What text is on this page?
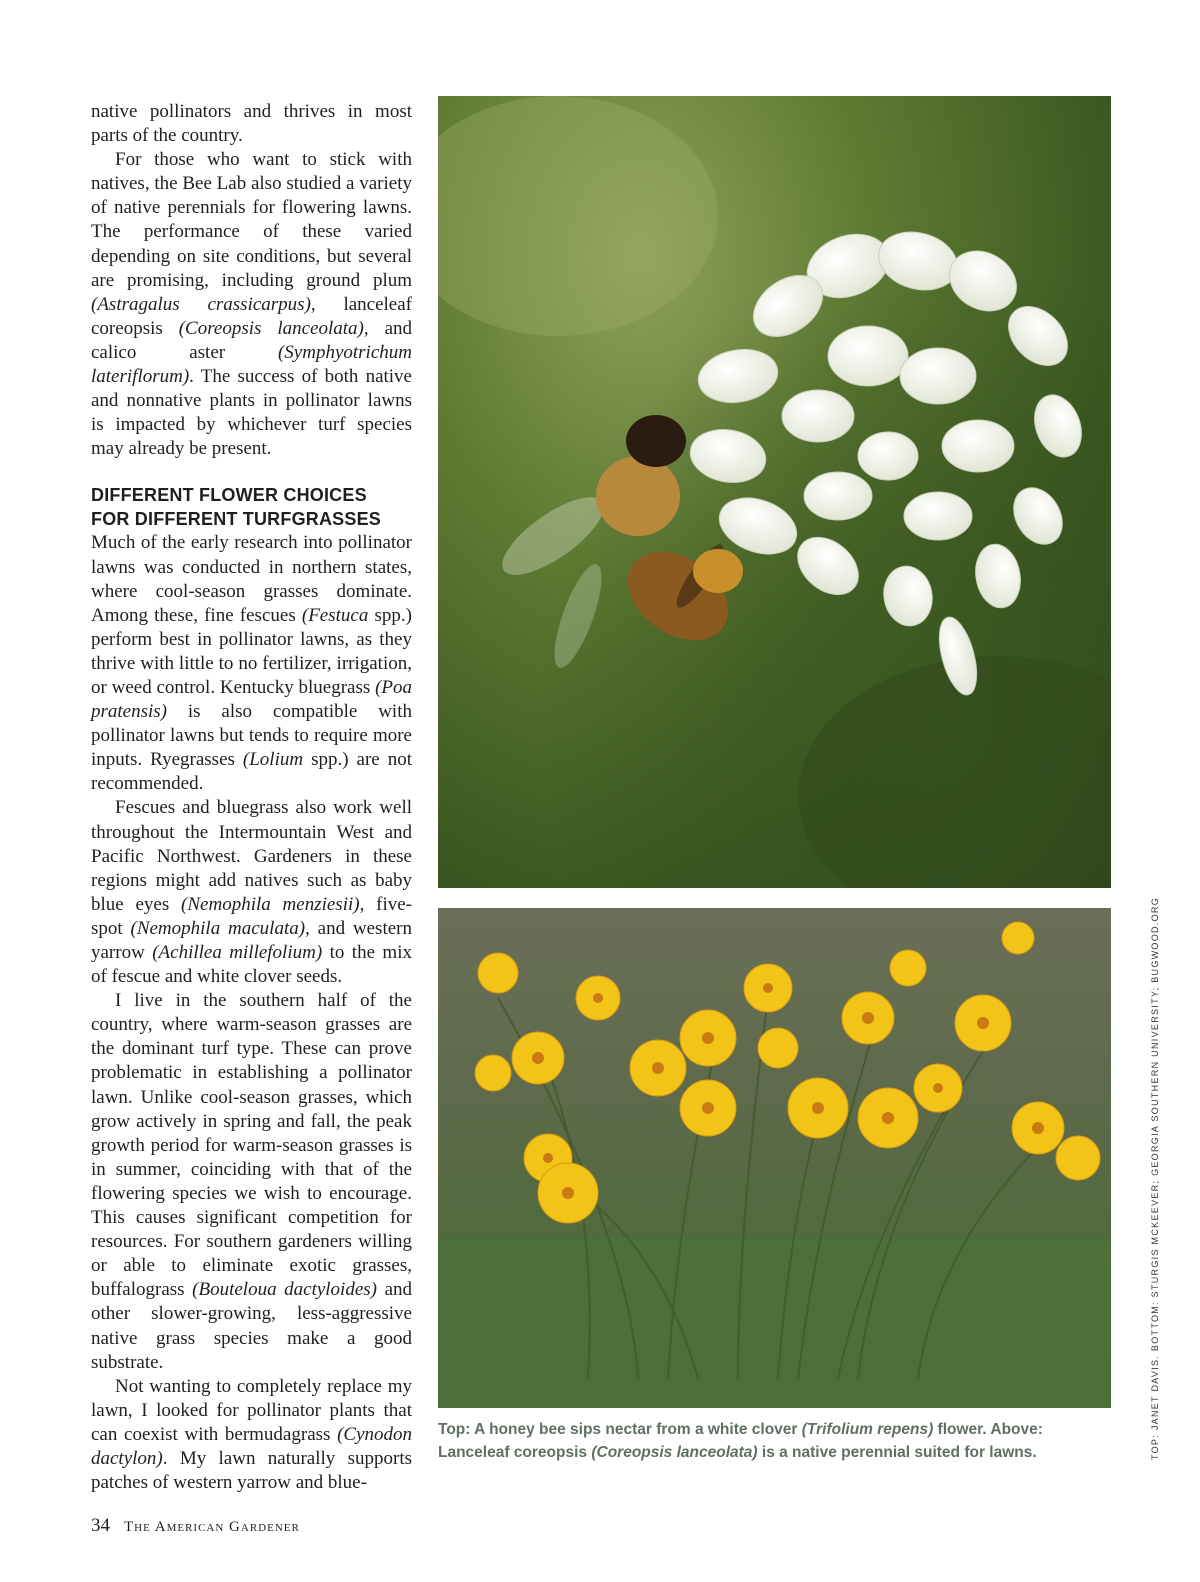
native pollinators and thrives in most parts of the country.

For those who want to stick with natives, the Bee Lab also studied a variety of native perennials for flowering lawns. The performance of these varied depending on site conditions, but several are promising, including ground plum (Astragalus crassicarpus), lanceleaf coreopsis (Coreopsis lanceolata), and calico aster (Symphyotrichum lateriflorum). The success of both native and nonnative plants in pollinator lawns is impacted by whichever turf species may already be present.

DIFFERENT FLOWER CHOICES
FOR DIFFERENT TURFGRASSES

Much of the early research into pollinator lawns was conducted in northern states, where cool-season grasses dominate. Among these, fine fescues (Festuca spp.) perform best in pollinator lawns, as they thrive with little to no fertilizer, irrigation, or weed control. Kentucky bluegrass (Poa pratensis) is also compatible with pollinator lawns but tends to require more inputs. Ryegrasses (Lolium spp.) are not recommended.

Fescues and bluegrass also work well throughout the Intermountain West and Pacific Northwest. Gardeners in these regions might add natives such as baby blue eyes (Nemophila menziesii), five-spot (Nemophila maculata), and western yarrow (Achillea millefolium) to the mix of fescue and white clover seeds.

I live in the southern half of the country, where warm-season grasses are the dominant turf type. These can prove problematic in establishing a pollinator lawn. Unlike cool-season grasses, which grow actively in spring and fall, the peak growth period for warm-season grasses is in summer, coinciding with that of the flowering species we wish to encourage. This causes significant competition for resources. For southern gardeners willing or able to eliminate exotic grasses, buffalograss (Bouteloua dactyloides) and other slower-growing, less-aggressive native grass species make a good substrate.

Not wanting to completely replace my lawn, I looked for pollinator plants that can coexist with bermudagrass (Cynodon dactylon). My lawn naturally supports patches of western yarrow and blue-

Top: A honey bee sips nectar from a white clover (Trifolium repens) flower. Above: Lanceleaf coreopsis (Coreopsis lanceolata) is a native perennial suited for lawns.	TOP: JANET DAVIS. BOTTOM: STURGIS MCKEEVER; GEORGIA SOUTHERN UNIVERSITY; BUGWOOD.ORG
34 The American Gardener
